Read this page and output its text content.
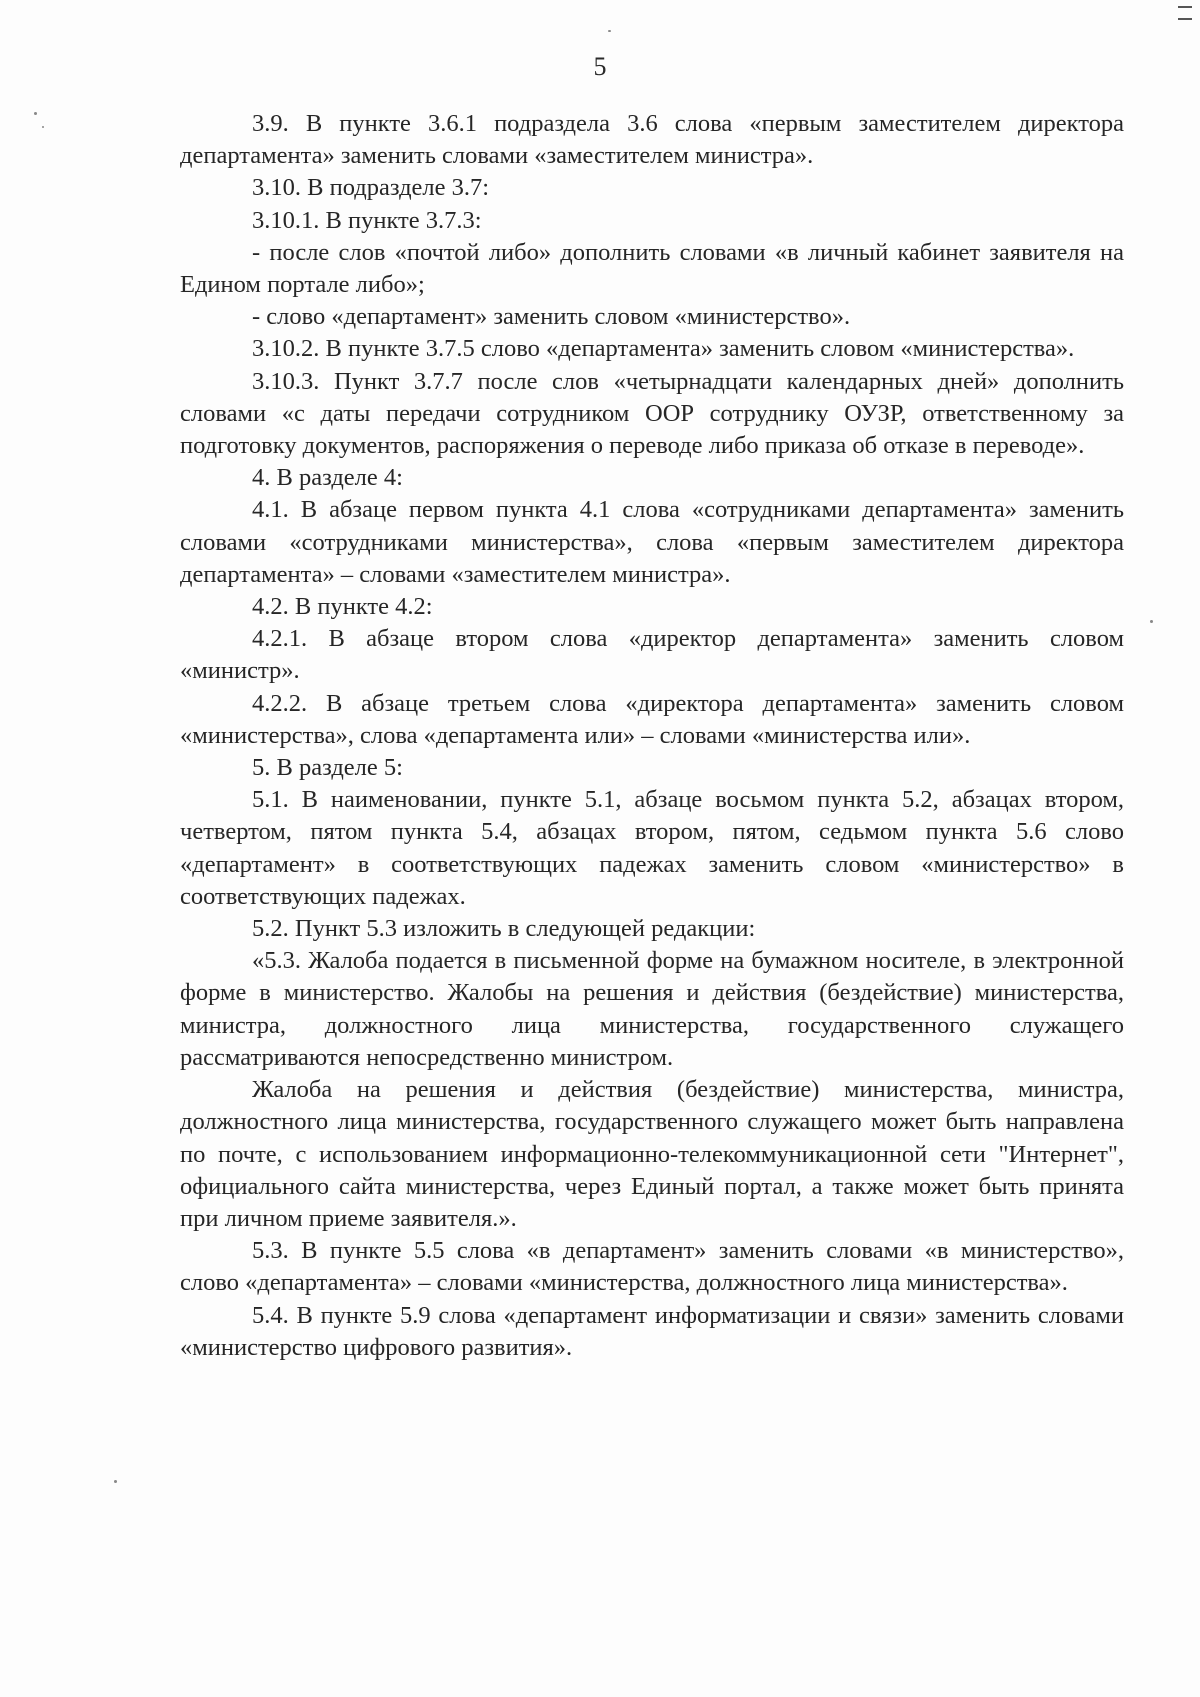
5

3.9. В пункте 3.6.1 подраздела 3.6 слова «первым заместителем директора департамента» заменить словами «заместителем министра».

3.10. В подразделе 3.7:

3.10.1. В пункте 3.7.3:

- после слов «почтой либо» дополнить словами «в личный кабинет заявителя на Едином портале либо»;

- слово «департамент» заменить словом «министерство».

3.10.2. В пункте 3.7.5 слово «департамента» заменить словом «министерства».

3.10.3. Пункт 3.7.7 после слов «четырнадцати календарных дней» дополнить словами «с даты передачи сотрудником ООР сотруднику ОУЗР, ответственному за подготовку документов, распоряжения о переводе либо приказа об отказе в переводе».

4. В разделе 4:

4.1. В абзаце первом пункта 4.1 слова «сотрудниками департамента» заменить словами «сотрудниками министерства», слова «первым заместителем директора департамента» – словами «заместителем министра».

4.2. В пункте 4.2:

4.2.1. В абзаце втором слова «директор департамента» заменить словом «министр».

4.2.2. В абзаце третьем слова «директора департамента» заменить словом «министерства», слова «департамента или» – словами «министерства или».

5. В разделе 5:

5.1. В наименовании, пункте 5.1, абзаце восьмом пункта 5.2, абзацах втором, четвертом, пятом пункта 5.4, абзацах втором, пятом, седьмом пункта 5.6 слово «департамент» в соответствующих падежах заменить словом «министерство» в соответствующих падежах.

5.2. Пункт 5.3 изложить в следующей редакции:

«5.3. Жалоба подается в письменной форме на бумажном носителе, в электронной форме в министерство. Жалобы на решения и действия (бездействие) министерства, министра, должностного лица министерства, государственного служащего рассматриваются непосредственно министром.

Жалоба на решения и действия (бездействие) министерства, министра, должностного лица министерства, государственного служащего может быть направлена по почте, с использованием информационно-телекоммуникационной сети "Интернет", официального сайта министерства, через Единый портал, а также может быть принята при личном приеме заявителя.».

5.3. В пункте 5.5 слова «в департамент» заменить словами «в министерство», слово «департамента» – словами «министерства, должностного лица министерства».

5.4. В пункте 5.9 слова «департамент информатизации и связи» заменить словами «министерство цифрового развития».
